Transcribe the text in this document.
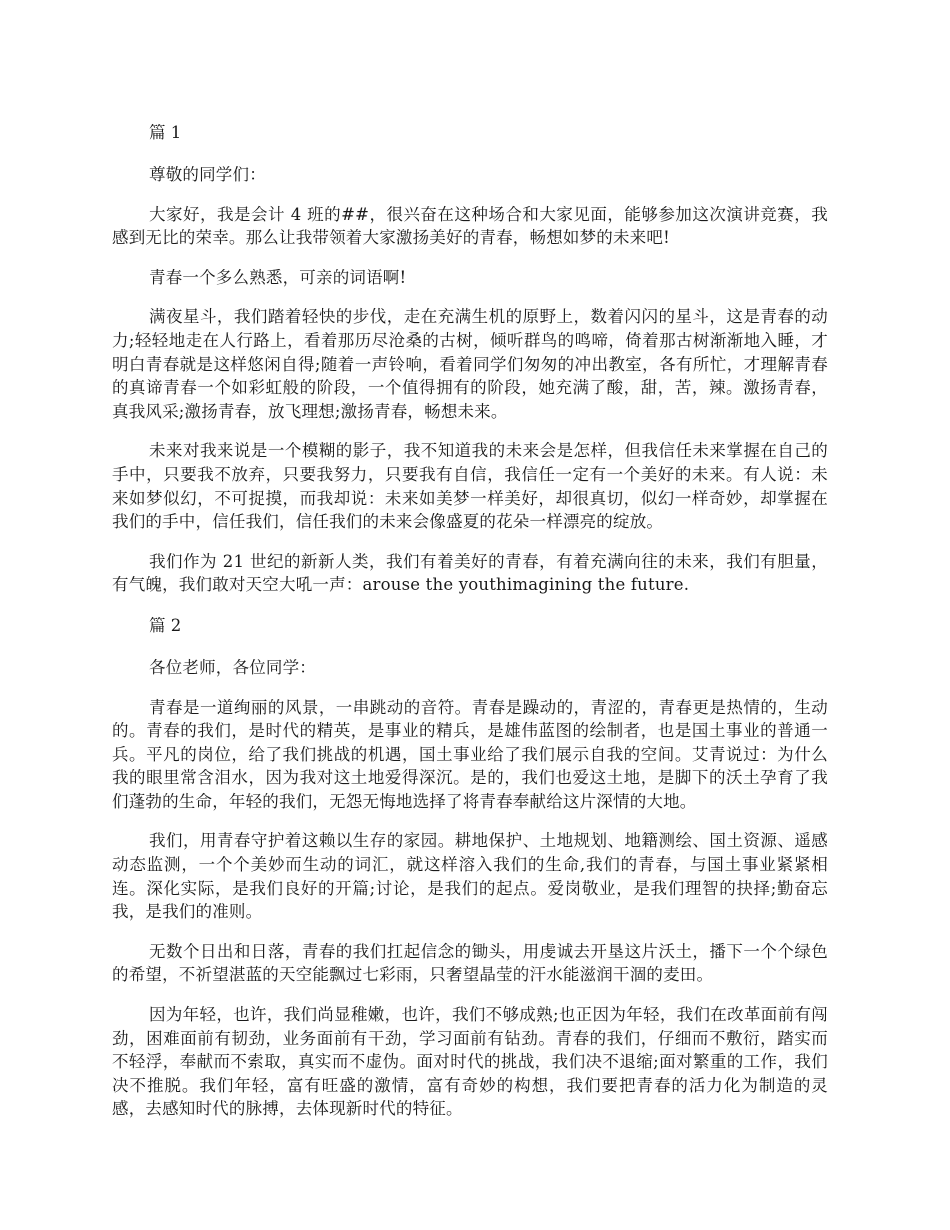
篇 1

尊敬的同学们：

大家好，我是会计 4 班的##，很兴奋在这种场合和大家见面，能够参加这次演讲竞赛，我感到无比的荣幸。那么让我带领着大家激扬美好的青春，畅想如梦的未来吧!

青春一个多么熟悉，可亲的词语啊!

满夜星斗，我们踏着轻快的步伐，走在充满生机的原野上，数着闪闪的星斗，这是青春的动力;轻轻地走在人行路上，看着那历尽沧桑的古树，倾听群鸟的鸣啼，倚着那古树渐渐地入睡，才明白青春就是这样悠闲自得;随着一声铃响，看着同学们匆匆的冲出教室，各有所忙，才理解青春的真谛青春一个如彩虹般的阶段，一个值得拥有的阶段，她充满了酸，甜，苦，辣。激扬青春，真我风采;激扬青春，放飞理想;激扬青春，畅想未来。

未来对我来说是一个模糊的影子，我不知道我的未来会是怎样，但我信任未来掌握在自己的手中，只要我不放弃，只要我努力，只要我有自信，我信任一定有一个美好的未来。有人说：未来如梦似幻，不可捉摸，而我却说：未来如美梦一样美好，却很真切，似幻一样奇妙，却掌握在我们的手中，信任我们，信任我们的未来会像盛夏的花朵一样漂亮的绽放。

我们作为 21 世纪的新新人类，我们有着美好的青春，有着充满向往的未来，我们有胆量，有气魄，我们敢对天空大吼一声：arouse the youthimagining the future.

篇 2

各位老师，各位同学：

青春是一道绚丽的风景，一串跳动的音符。青春是躁动的，青涩的，青春更是热情的，生动的。青春的我们，是时代的精英，是事业的精兵，是雄伟蓝图的绘制者，也是国土事业的普通一兵。平凡的岗位，给了我们挑战的机遇，国土事业给了我们展示自我的空间。艾青说过：为什么我的眼里常含泪水，因为我对这土地爱得深沉。是的，我们也爱这土地，是脚下的沃土孕育了我们蓬勃的生命，年轻的我们，无怨无悔地选择了将青春奉献给这片深情的大地。

我们，用青春守护着这赖以生存的家园。耕地保护、土地规划、地籍测绘、国土资源、遥感动态监测，一个个美妙而生动的词汇，就这样溶入我们的生命,我们的青春，与国土事业紧紧相连。深化实际，是我们良好的开篇;讨论，是我们的起点。爱岗敬业，是我们理智的抉择;勤奋忘我，是我们的准则。

无数个日出和日落，青春的我们扛起信念的锄头，用虔诚去开垦这片沃土，播下一个个绿色的希望，不祈望湛蓝的天空能飘过七彩雨，只奢望晶莹的汗水能滋润干涸的麦田。

因为年轻，也许，我们尚显稚嫩，也许，我们不够成熟;也正因为年轻，我们在改革面前有闯劲，困难面前有韧劲，业务面前有干劲，学习面前有钻劲。青春的我们，仔细而不敷衍，踏实而不轻浮，奉献而不索取，真实而不虚伪。面对时代的挑战，我们决不退缩;面对繁重的工作，我们决不推脱。我们年轻，富有旺盛的激情，富有奇妙的构想，我们要把青春的活力化为制造的灵感，去感知时代的脉搏，去体现新时代的特征。
